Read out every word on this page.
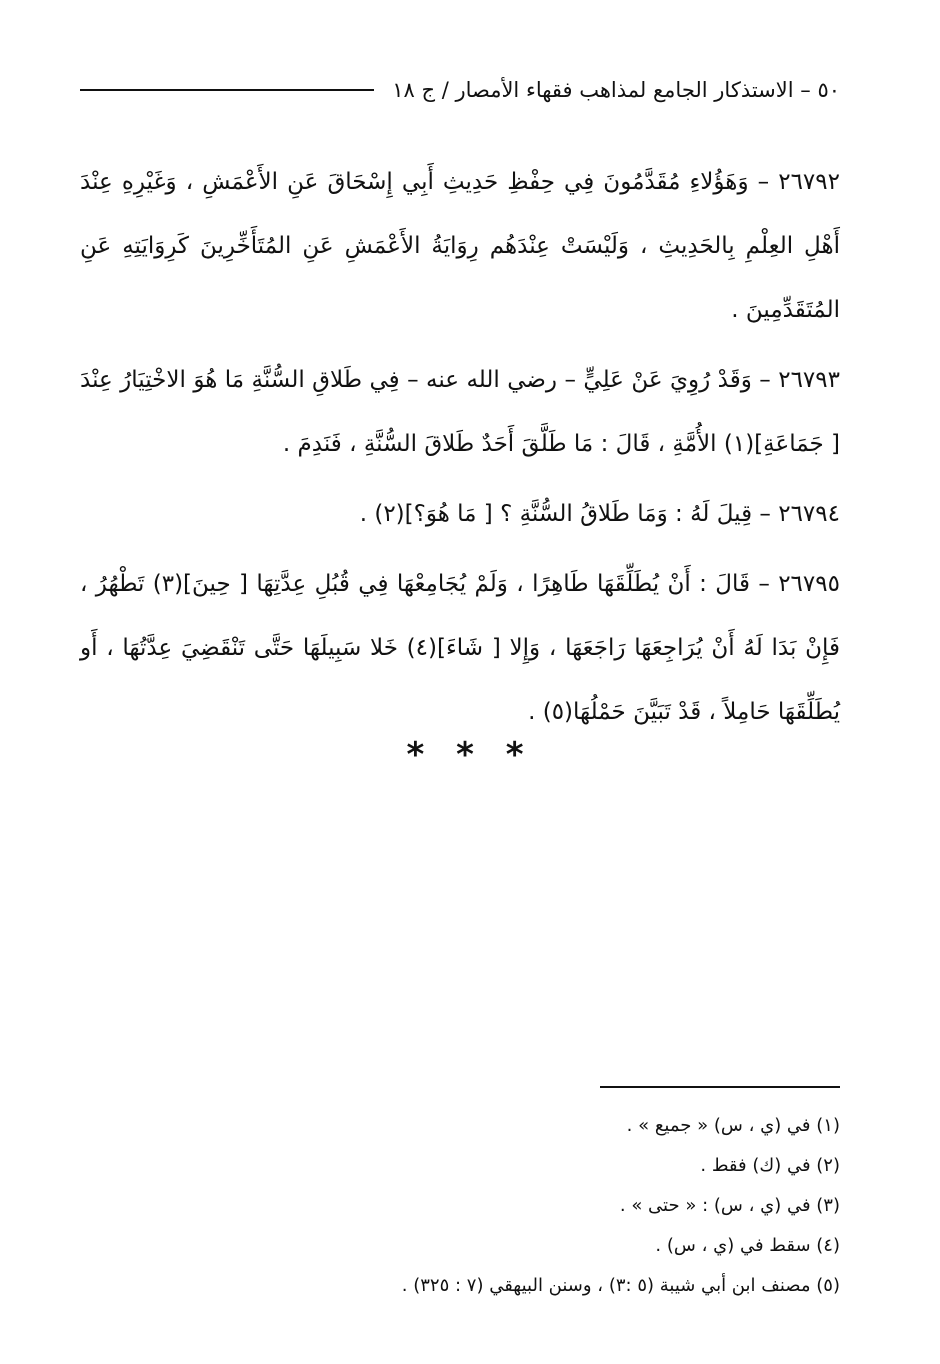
٥٠ – الاستذكار الجامع لمذاهب فقهاء الأمصار / ج ١٨

٢٦٧٩٢ – وَهَؤُلاءِ مُقَدَّمُونَ فِي حِفْظِ حَدِيثِ أَبِي إِسْحَاقَ عَنِ الأَعْمَشِ ، وَغَيْرِهِ عِنْدَ أَهْلِ العِلْمِ بِالحَدِيثِ ، وَلَيْسَتْ عِنْدَهُم رِوَايَةُ الأَعْمَشِ عَنِ المُتَأَخِّرِينَ كَرِوَايَتِهِ عَنِ المُتَقَدِّمِينَ .

٢٦٧٩٣ – وَقَدْ رُوِيَ عَنْ عَلِيٍّ – رضي الله عنه – فِي طَلاقِ السُّنَّةِ مَا هُوَ الاخْتِيَارُ عِنْدَ [ جَمَاعَةِ](١) الأُمَّةِ ، قَالَ : مَا طَلَّقَ أَحَدٌ طَلاقَ السُّنَّةِ ، فَنَدِمَ .

٢٦٧٩٤ – قِيلَ لَهُ : وَمَا طَلاقُ السُّنَّةِ ؟ [ مَا هُوَ؟](٢) .

٢٦٧٩٥ – قَالَ : أَنْ يُطَلِّقَهَا طَاهِرًا ، وَلَمْ يُجَامِعْهَا فِي قُبُلِ عِدَّتِهَا [ حِينَ](٣) تَطْهُرُ ، فَإِنْ بَدَا لَهُ أَنْ يُرَاجِعَهَا رَاجَعَهَا ، وَإِلا [ شَاءَ](٤) خَلا سَبِيلَهَا حَتَّى تَنْقَضِيَ عِدَّتُهَا ، أَو يُطَلِّقَهَا حَامِلاً ، قَدْ تَبَيَّنَ حَمْلُهَا(٥) .

* * *

(١) في (ي ، س) « جميع » .

(٢) في (ك) فقط .

(٣) في (ي ، س) : « حتى » .

(٤) سقط في (ي ، س) .

(٥) مصنف ابن أبي شيبة (٥ :٣) ، وسنن البيهقي (٧ : ٣٢٥) .
